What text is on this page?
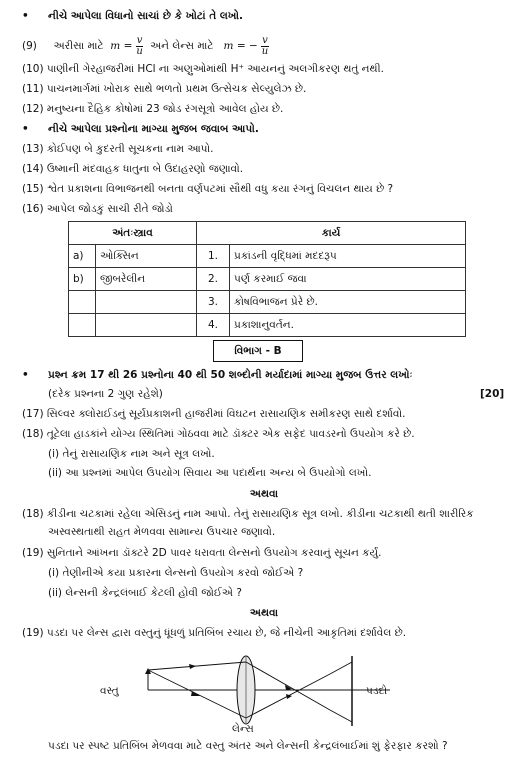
• નીચે આપેલા વિધાનો સાચાં છે કે ખોટાં તે લખો.
(9) અરીસા માટે $m = \frac{v}{u}$ અને લેન્સ માટે m = − $\frac{v}{u}$
(10) પાણીની ગેરહાજરીમાં HCl ના અણુઓમાંથી H⁺ આયનનું અલગીકરણ થતું નથી.
(11) પાચનમાર્ગમાં ખોરાક સાથે ભળતો પ્રથમ ઉત્સેચક સેલ્યુલેઝ છે.
(12) મનુષ્યના દૈહિક કોષોમાં 23 જોડ રંગસૂત્રો આવેલ હોય છે.
• નીચે આપેલા પ્રશ્નોના માગ્યા મુજબ જવાબ આપો.
(13) કોઈપણ બે કુદરતી સૂચકના નામ આપો.
(14) ઉષ્માની મંદવાહક ધાતુના બે ઉદાહરણો જણાવો.
(15) શ્વેત પ્રકાશના વિભાજનથી બનતા વર્ણપટમાં સૌથી વધુ કયા રંગનું વિચલન થાય છે ?
(16) આપેલ જોડકું સાચી રીતે જોડો
અંતઃસ્ત્રાવ		કાર્ય	
a)	ઓક્સિન	1.	પ્રકાંડની વૃદ્ધિમાં મદદરૂપ
b)	જીબરેલીન	2.	પર્ણ કરમાઈ જવા
		3.	કોષવિભાજન પ્રેરે છે.
		4.	પ્રકાશાનુવર્તન.
વિભાગ - B
• પ્રશ્ન ક્રમ 17 થી 26 પ્રશ્નોના 40 થી 50 શબ્દોની મર્યાદામાં માગ્યા મુજબ ઉત્તર લખોઃ
(દરેક પ્રશ્નના 2 ગુણ રહેશે)	[20]
(17) સિલ્વર ક્લોરાઈડનું સૂર્યપ્રકાશની હાજરીમાં વિઘટન રાસાયણિક સમીકરણ સાથે દર્શાવો.
(18) તૂટેલા હાડકાંને યોગ્ય સ્થિતિમાં ગોઠવવા માટે ડૉક્ટર એક સફેદ પાવડરનો ઉપયોગ કરે છે.
(i) તેનું રાસાયણિક નામ અને સૂત્ર લખો.
(ii) આ પ્રશ્નમાં આપેલ ઉપયોગ સિવાય આ પદાર્થના અન્ય બે ઉપયોગો લખો.
અથવા
(18) કીડીના ચટકામાં રહેલા એસિડનું નામ આપો. તેનું રાસાયણિક સૂત્ર લખો. કીડીના ચટકાથી થતી શારીરિક
અસ્વસ્થતાથી રાહત મેળવવા સામાન્ય ઉપચાર જણાવો.
(19) સુનિતાને આંખના ડૉક્ટરે 2D પાવર ધરાવતા લેન્સનો ઉપયોગ કરવાનું સૂચન કર્યું.
(i) તેણીનીએ કયા પ્રકારના લેન્સનો ઉપયોગ કરવો જોઈએ ?
(ii) લેન્સની કેન્દ્રલંબાઈ કેટલી હોવી જોઈએ ?
અથવા
(19) પડદા પર લેન્સ દ્વારા વસ્તુનું ધૂંધળું પ્રતિબિંબ રચાય છે, જે નીચેની આકૃતિમાં દર્શાવેલ છે.
વસ્તુ	પડદો
લેન્સ
પડદા પર સ્પષ્ટ પ્રતિબિંબ મેળવવા માટે વસ્તુ અંતર અને લેન્સની કેન્દ્રલંબાઈમાં શું ફેરફાર કરશો ?
